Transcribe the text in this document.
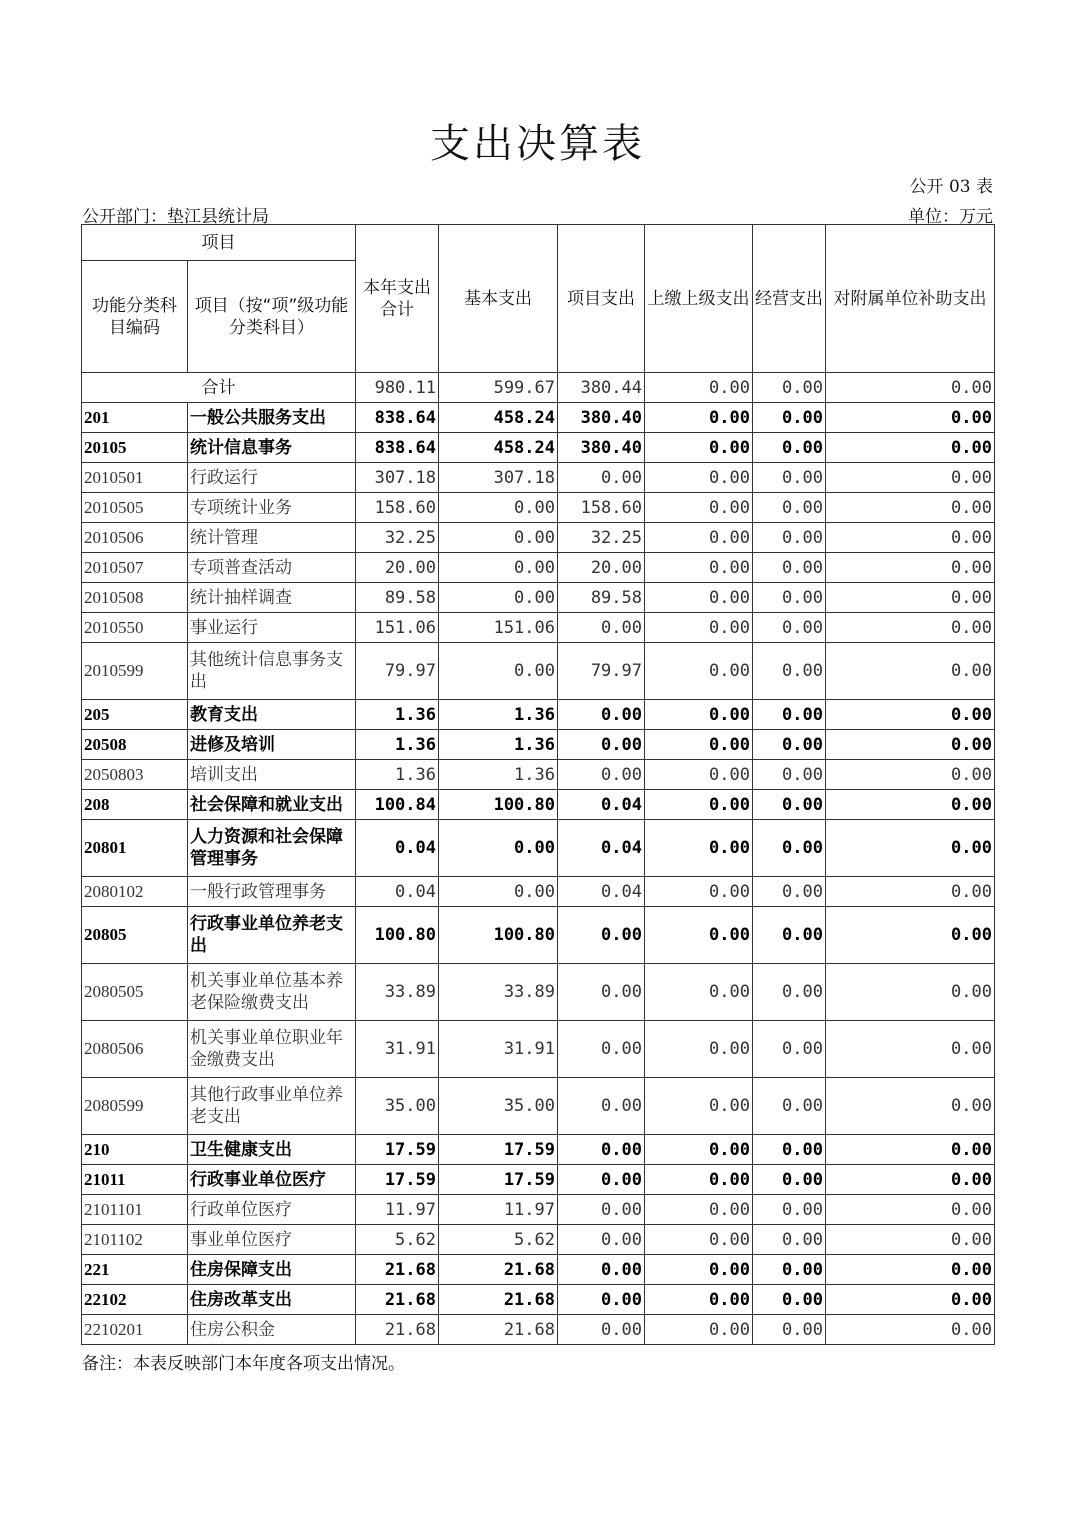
支出决算表
公开 03 表
公开部门：垫江县统计局	单位：万元
项目		本年支出合计	基本支出	项目支出	上缴上级支出	经营支出	对附属单位补助支出
功能分类科目编码	项目（按“项”级功能分类科目）						
合计		980.11	599.67	380.44	0.00	0.00	0.00
201	一般公共服务支出	838.64	458.24	380.40	0.00	0.00	0.00
20105	统计信息事务	838.64	458.24	380.40	0.00	0.00	0.00
2010501	行政运行	307.18	307.18	0.00	0.00	0.00	0.00
2010505	专项统计业务	158.60	0.00	158.60	0.00	0.00	0.00
2010506	统计管理	32.25	0.00	32.25	0.00	0.00	0.00
2010507	专项普查活动	20.00	0.00	20.00	0.00	0.00	0.00
2010508	统计抽样调查	89.58	0.00	89.58	0.00	0.00	0.00
2010550	事业运行	151.06	151.06	0.00	0.00	0.00	0.00
2010599	其他统计信息事务支出	79.97	0.00	79.97	0.00	0.00	0.00
205	教育支出	1.36	1.36	0.00	0.00	0.00	0.00
20508	进修及培训	1.36	1.36	0.00	0.00	0.00	0.00
2050803	培训支出	1.36	1.36	0.00	0.00	0.00	0.00
208	社会保障和就业支出	100.84	100.80	0.04	0.00	0.00	0.00
20801	人力资源和社会保障管理事务	0.04	0.00	0.04	0.00	0.00	0.00
2080102	一般行政管理事务	0.04	0.00	0.04	0.00	0.00	0.00
20805	行政事业单位养老支出	100.80	100.80	0.00	0.00	0.00	0.00
2080505	机关事业单位基本养老保险缴费支出	33.89	33.89	0.00	0.00	0.00	0.00
2080506	机关事业单位职业年金缴费支出	31.91	31.91	0.00	0.00	0.00	0.00
2080599	其他行政事业单位养老支出	35.00	35.00	0.00	0.00	0.00	0.00
210	卫生健康支出	17.59	17.59	0.00	0.00	0.00	0.00
21011	行政事业单位医疗	17.59	17.59	0.00	0.00	0.00	0.00
2101101	行政单位医疗	11.97	11.97	0.00	0.00	0.00	0.00
2101102	事业单位医疗	5.62	5.62	0.00	0.00	0.00	0.00
221	住房保障支出	21.68	21.68	0.00	0.00	0.00	0.00
22102	住房改革支出	21.68	21.68	0.00	0.00	0.00	0.00
2210201	住房公积金	21.68	21.68	0.00	0.00	0.00	0.00
备注：本表反映部门本年度各项支出情况。
